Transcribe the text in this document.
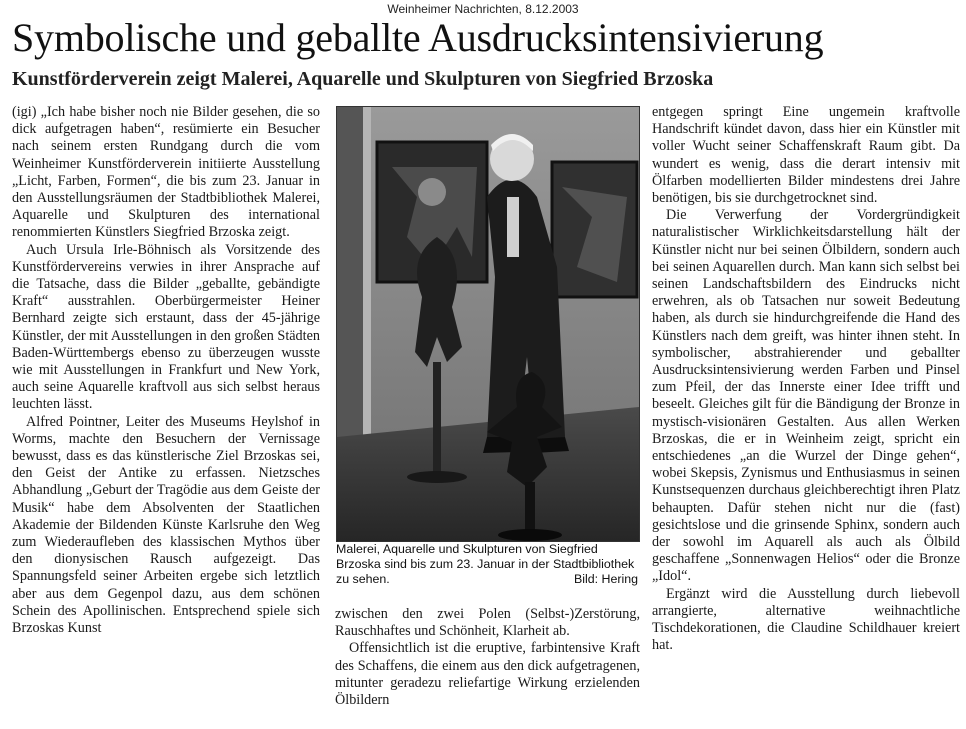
Weinheimer Nachrichten, 8.12.2003
Symbolische und geballte Ausdrucksintensivierung
Kunstförderverein zeigt Malerei, Aquarelle und Skulpturen von Siegfried Brzoska

(igi) „Ich habe bisher noch nie Bilder gesehen, die so dick aufgetragen haben“, resümierte ein Besucher nach seinem ersten Rundgang durch die vom Weinheimer Kunstförderverein initiierte Ausstellung „Licht, Farben, Formen“, die bis zum 23. Januar in den Ausstellungsräumen der Stadtbibliothek Malerei, Aquarelle und Skulpturen des international renommierten Künstlers Siegfried Brzoska zeigt.

Auch Ursula Irle-Böhnisch als Vorsitzende des Kunstfördervereins verwies in ihrer Ansprache auf die Tatsache, dass die Bilder „geballte, gebändigte Kraft“ ausstrahlen. Oberbürgermeister Heiner Bernhard zeigte sich erstaunt, dass der 45-jährige Künstler, der mit Ausstellungen in den großen Städten Baden-Württembergs ebenso zu überzeugen wusste wie mit Ausstellungen in Frankfurt und New York, auch seine Aquarelle kraftvoll aus sich selbst heraus leuchten lässt.

Alfred Pointner, Leiter des Museums Heylshof in Worms, machte den Besuchern der Vernissage bewusst, dass es das künstlerische Ziel Brzoskas sei, den Geist der Antike zu erfassen. Nietzsches Abhandlung „Geburt der Tragödie aus dem Geiste der Musik“ habe dem Absolventen der Staatlichen Akademie der Bildenden Künste Karlsruhe den Weg zum Wiederaufleben des klassischen Mythos über den dionysischen Rausch aufgezeigt. Das Spannungsfeld seiner Arbeiten ergebe sich letztlich aber aus dem Gegenpol dazu, aus dem schönen Schein des Apollinischen. Entsprechend spiele sich Brzoskas Kunst

Malerei, Aquarelle und Skulpturen von Siegfried Brzoska sind bis zum 23. Januar in der Stadtbibliothek zu sehen.	Bild: Hering

zwischen den zwei Polen (Selbst-)Zerstörung, Rauschhaftes und Schönheit, Klarheit ab.

Offensichtlich ist die eruptive, farbintensive Kraft des Schaffens, die einem aus den dick aufgetragenen, mitunter geradezu reliefartige Wirkung erzielenden Ölbildern

entgegen springt Eine ungemein kraftvolle Handschrift kündet davon, dass hier ein Künstler mit voller Wucht seiner Schaffenskraft Raum gibt. Da wundert es wenig, dass die derart intensiv mit Ölfarben modellierten Bilder mindestens drei Jahre benötigen, bis sie durchgetrocknet sind.

Die Verwerfung der Vordergründigkeit naturalistischer Wirklichkeitsdarstellung hält der Künstler nicht nur bei seinen Ölbildern, sondern auch bei seinen Aquarellen durch. Man kann sich selbst bei seinen Landschaftsbildern des Eindrucks nicht erwehren, als ob Tatsachen nur soweit Bedeutung haben, als durch sie hindurchgreifende die Hand des Künstlers nach dem greift, was hinter ihnen steht. In symbolischer, abstrahierender und geballter Ausdrucksintensivierung werden Farben und Pinsel zum Pfeil, der das Innerste einer Idee trifft und beseelt. Gleiches gilt für die Bändigung der Bronze in mystisch-visionären Gestalten. Aus allen Werken Brzoskas, die er in Weinheim zeigt, spricht ein entschiedenes „an die Wurzel der Dinge gehen“, wobei Skepsis, Zynismus und Enthusiasmus in seinen Kunstsequenzen durchaus gleichberechtigt ihren Platz behaupten. Dafür stehen nicht nur die (fast) gesichtslose und die grinsende Sphinx, sondern auch der sowohl im Aquarell als auch als Ölbild geschaffene „Sonnenwagen Helios“ oder die Bronze „Idol“.

Ergänzt wird die Ausstellung durch liebevoll arrangierte, alternative weihnachtliche Tischdekorationen, die Claudine Schildhauer kreiert hat.
